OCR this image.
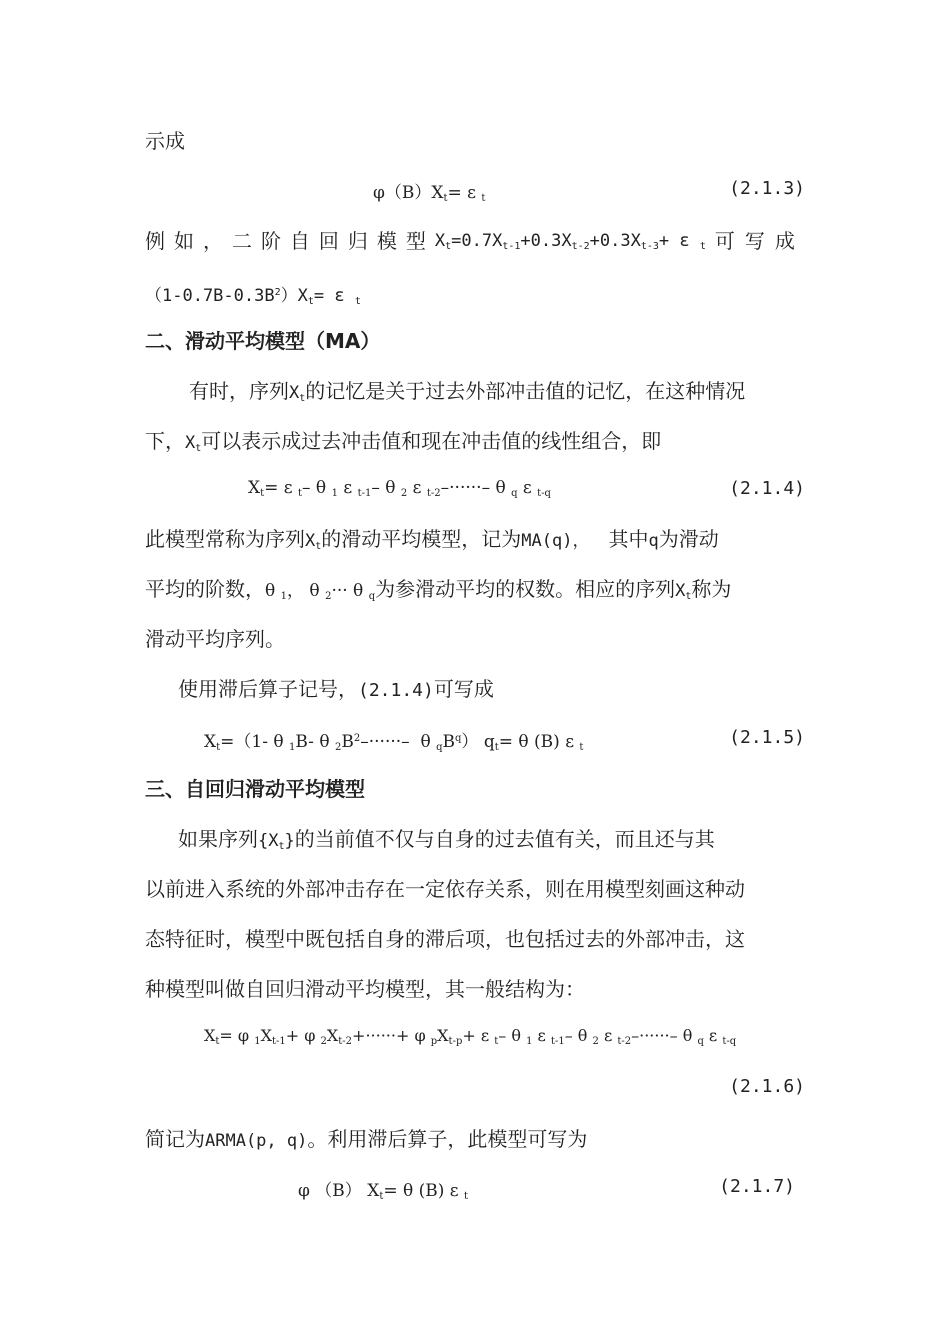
示成
$\varphi(B)X_t= \varepsilon$ $_t$	(2.1.3)
例 如 ， 二 阶 自 回 归 模 型 $X_t=0.7X_{t-1}+0.3X_{t-2}+0.3X_{t-3}+ \varepsilon$ $_t$ 可写成
$(1-0.7B-0.3B^2)X_t= \varepsilon$ $_t$
二、滑动平均模型（MA）
有时，序列$X_t$的记忆是关于过去外部冲击值的记忆，在这种情况
下，$X_t$可以表示成过去冲击值和现在冲击值的线性组合，即
$X_t= \varepsilon$ $_t$– θ $_1$ ε $_{t-1}$– θ $_2$ ε $_{t-2}$–······– θ $_q$ ε $_{t-q}$	(2.1.4)
此模型常称为序列$X_t$的滑动平均模型，记为MA(q)， 其中q为滑动
平均的阶数，θ $_1$， θ $_2$··· θ $_q$为参滑动平均的权数。相应的序列$X_t$称为
滑动平均序列。
使用滞后算子记号，(2.1.4)可写成
$X_t=(1-$ θ $_1$B- θ $_2B^2-\cdot\cdot\cdot\cdot\cdot\cdot-$  θ $_qB^q$） $q_t= \theta$ (B) ε $_t$	(2.1.5)
三、自回归滑动平均模型
如果序列$\{X_t\}$的当前值不仅与自身的过去值有关，而且还与其
以前进入系统的外部冲击存在一定依存关系，则在用模型刻画这种动
态特征时，模型中既包括自身的滞后项，也包括过去的外部冲击，这
种模型叫做自回归滑动平均模型，其一般结构为：
$X_t= \varphi$ $_1X_{t-1}+ \varphi$ $_2X_{t-2}+\cdot\cdot\cdot\cdot\cdot\cdot+ \varphi$ $_pX_{t-p}+ \varepsilon$ $_t$– θ $_1$ ε $_{t-1}$– θ $_2$ ε $_{t-2}$–······– θ $_q$ ε $_{t-q}$
(2.1.6)
简记为ARMA(p, q)。利用滞后算子，此模型可写为
φ （B） $X_t= \theta$ (B) ε $_t$	(2.1.7)
